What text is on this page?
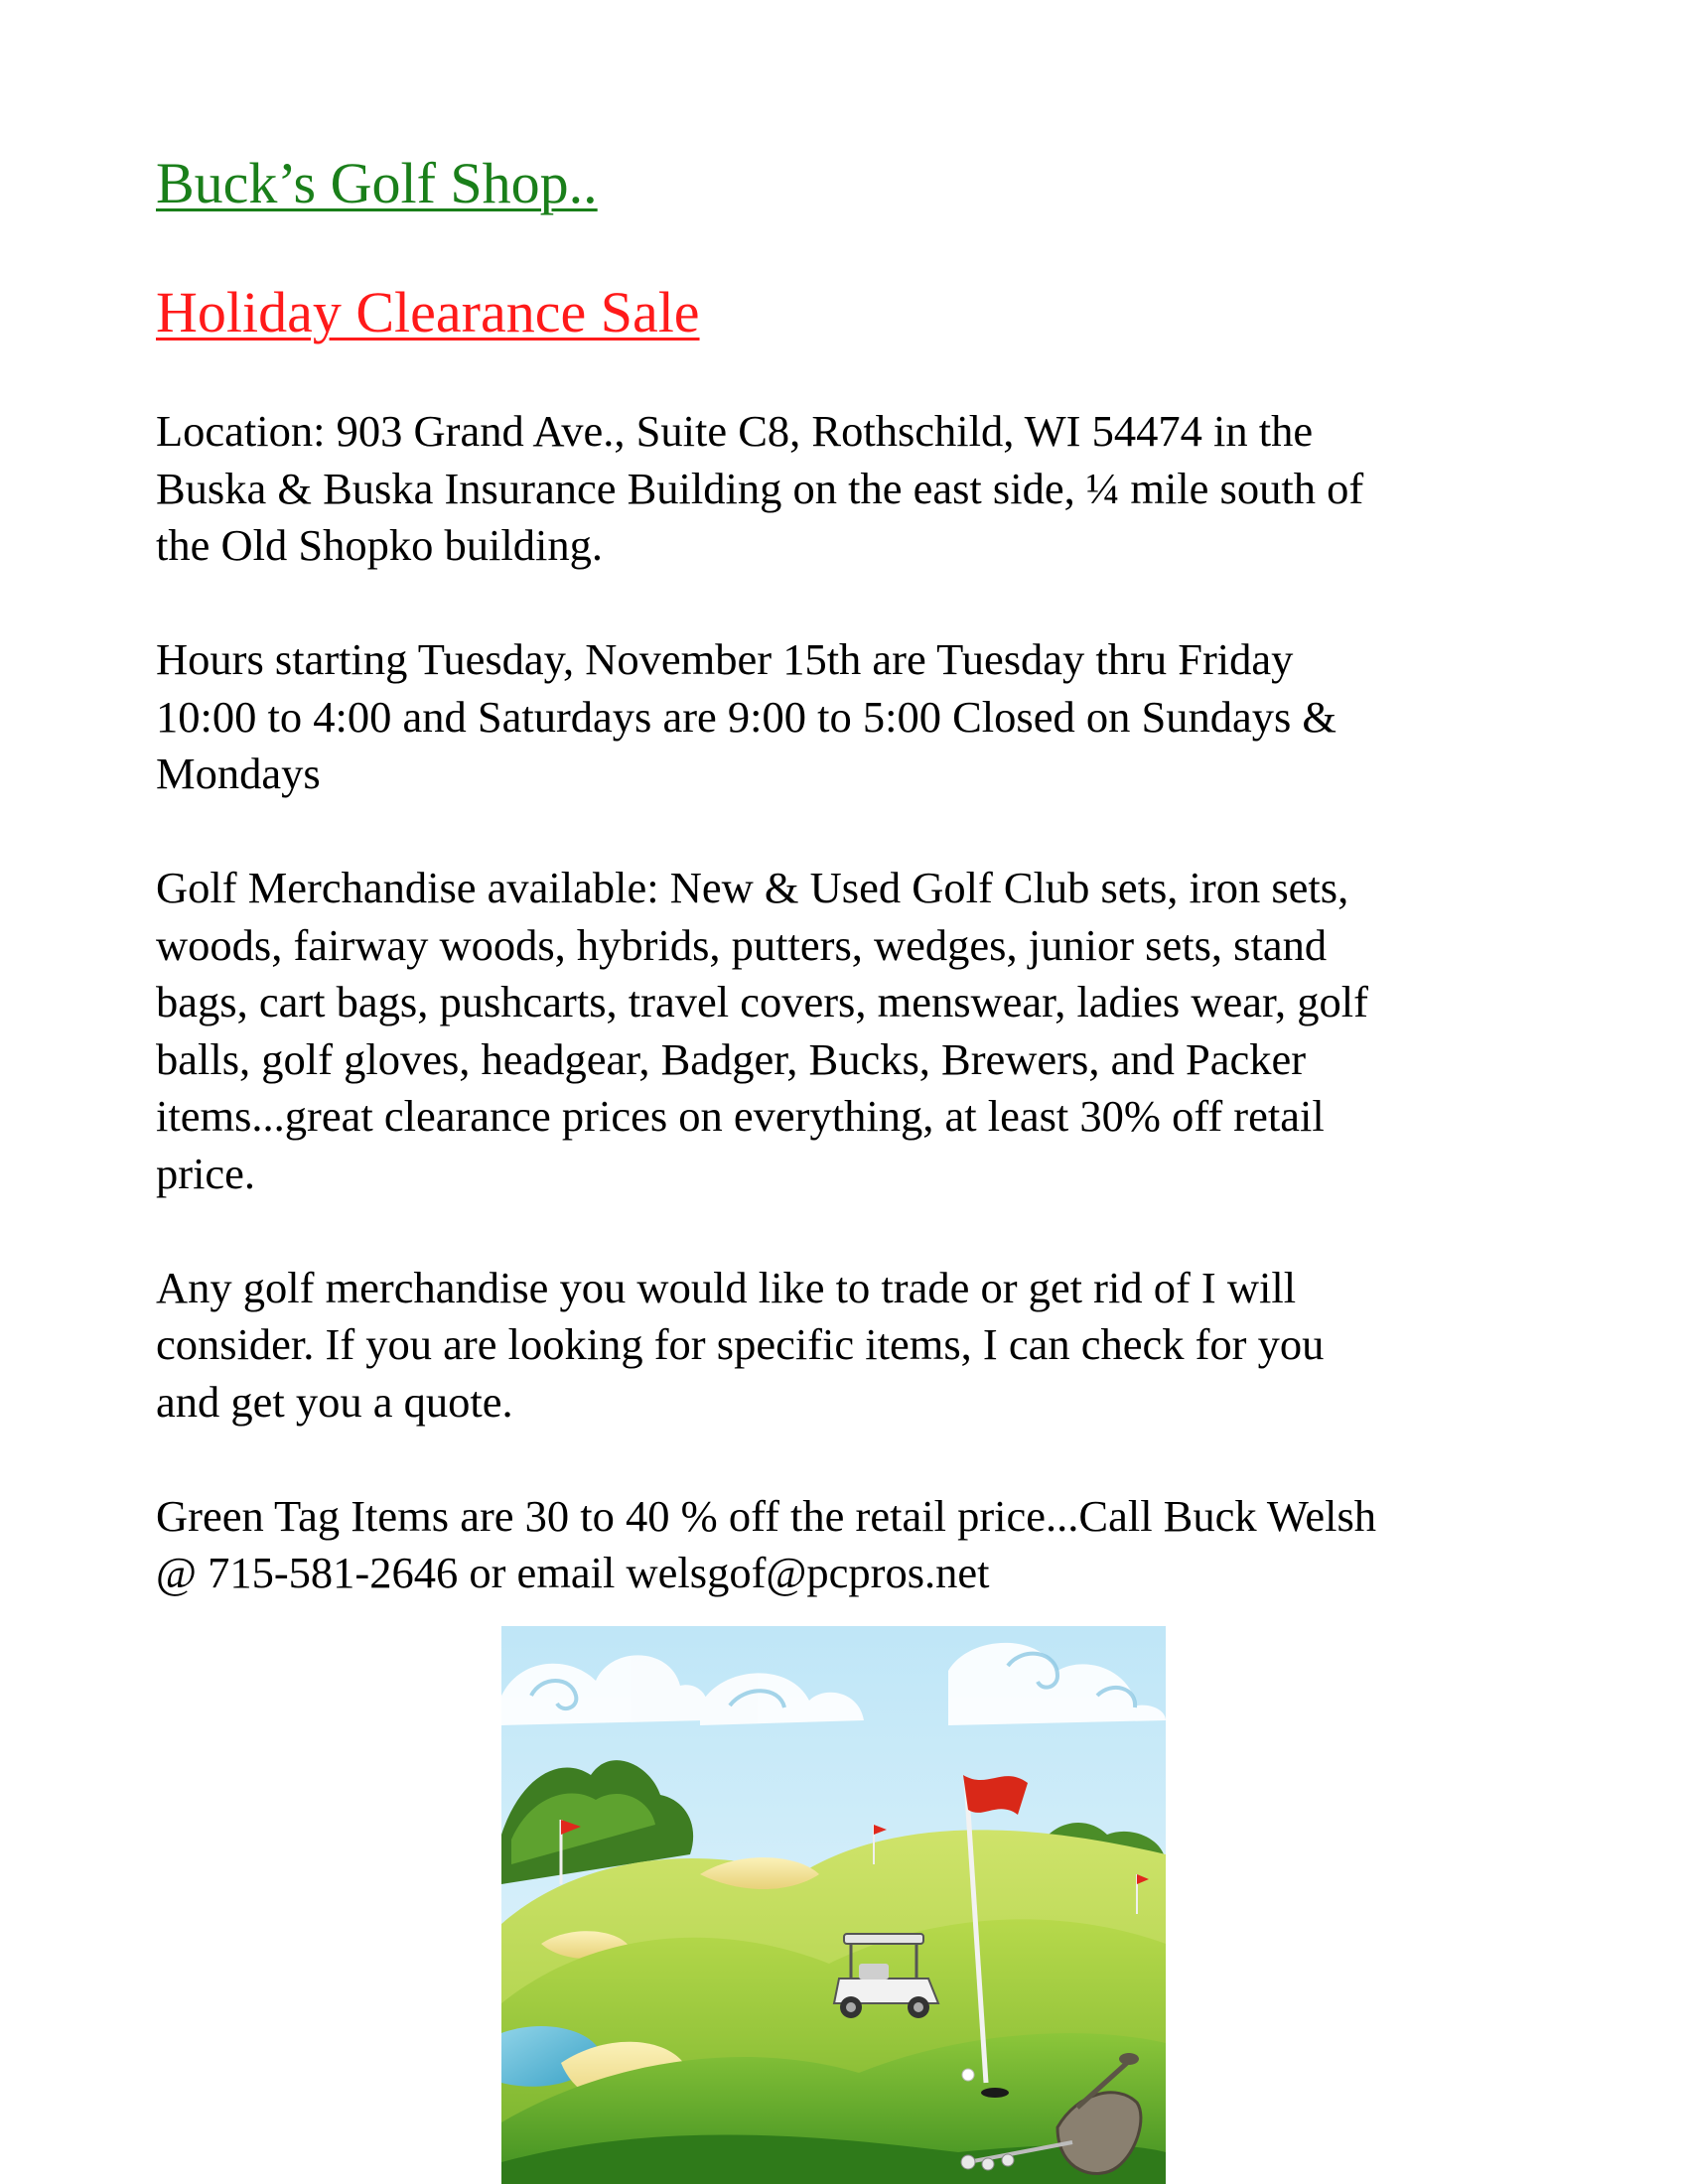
Buck’s Golf Shop..
Holiday Clearance Sale

Location: 903 Grand Ave., Suite C8, Rothschild, WI 54474 in the
Buska & Buska Insurance Building on the east side, ¼ mile south of
the Old Shopko building.

Hours starting Tuesday, November 15th are Tuesday thru Friday
10:00 to 4:00 and Saturdays are 9:00 to 5:00 Closed on Sundays &
Mondays

Golf Merchandise available: New & Used Golf Club sets, iron sets,
woods, fairway woods, hybrids, putters, wedges, junior sets, stand
bags, cart bags, pushcarts, travel covers, menswear, ladies wear, golf
balls, golf gloves, headgear, Badger, Bucks, Brewers, and Packer
items...great clearance prices on everything, at least 30% off retail
price.

Any golf merchandise you would like to trade or get rid of I will
consider. If you are looking for specific items, I can check for you
and get you a quote.

Green Tag Items are 30 to 40 % off the retail price...Call Buck Welsh
@ 715-581-2646 or email welsgof@pcpros.net
